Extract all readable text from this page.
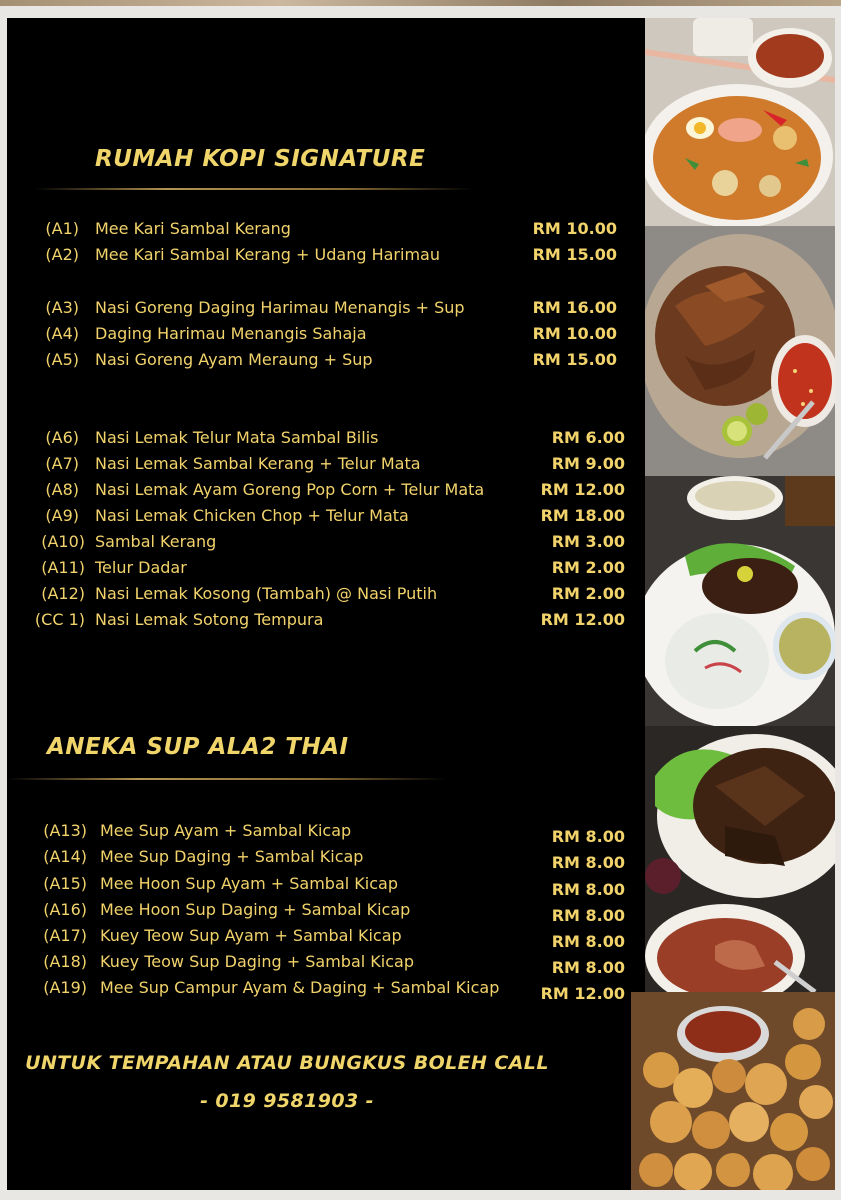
RUMAH KOPI SIGNATURE
(A1) Mee Kari Sambal Kerang	RM 10.00
(A2) Mee Kari Sambal Kerang + Udang Harimau	RM 15.00
(A3) Nasi Goreng Daging Harimau Menangis + Sup	RM 16.00
(A4) Daging Harimau Menangis Sahaja	RM 10.00
(A5) Nasi Goreng Ayam Meraung + Sup	RM 15.00
(A6) Nasi Lemak Telur Mata Sambal Bilis	RM 6.00
(A7) Nasi Lemak Sambal Kerang + Telur Mata	RM 9.00
(A8) Nasi Lemak Ayam Goreng Pop Corn + Telur Mata	RM 12.00
(A9) Nasi Lemak Chicken Chop + Telur Mata	RM 18.00
(A10) Sambal Kerang	RM 3.00
(A11) Telur Dadar	RM 2.00
(A12) Nasi Lemak Kosong (Tambah) @ Nasi Putih	RM 2.00
(CC 1) Nasi Lemak Sotong Tempura	RM 12.00
ANEKA SUP ALA2 THAI
(A13) Mee Sup Ayam + Sambal Kicap	RM 8.00
(A14) Mee Sup Daging + Sambal Kicap	RM 8.00
(A15) Mee Hoon Sup Ayam + Sambal Kicap	RM 8.00
(A16) Mee Hoon Sup Daging + Sambal Kicap	RM 8.00
(A17) Kuey Teow Sup Ayam + Sambal Kicap	RM 8.00
(A18) Kuey Teow Sup Daging + Sambal Kicap	RM 8.00
(A19) Mee Sup Campur Ayam & Daging + Sambal Kicap	RM 12.00

UNTUK TEMPAHAN ATAU BUNGKUS BOLEH CALL

- 019 9581903 -
